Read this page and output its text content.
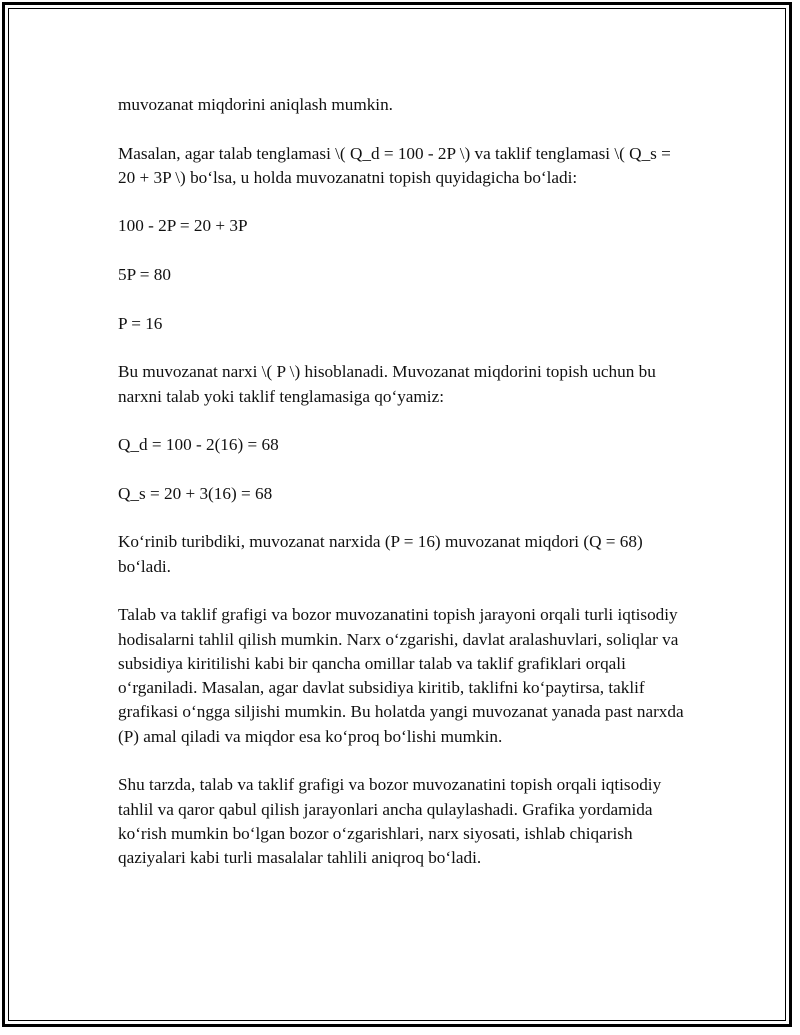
muvozanat miqdorini aniqlash mumkin.

Masalan, agar talab tenglamasi \( Q_d = 100 - 2P \) va taklif tenglamasi \( Q_s = 20 + 3P \) bo‘lsa, u holda muvozanatni topish quyidagicha bo‘ladi:

100 - 2P = 20 + 3P

5P = 80

P = 16

Bu muvozanat narxi \( P \) hisoblanadi. Muvozanat miqdorini topish uchun bu narxni talab yoki taklif tenglamasiga qo‘yamiz:

Q_d = 100 - 2(16) = 68

Q_s = 20 + 3(16) = 68

Ko‘rinib turibdiki, muvozanat narxida (P = 16) muvozanat miqdori (Q = 68) bo‘ladi.

Talab va taklif grafigi va bozor muvozanatini topish jarayoni orqali turli iqtisodiy hodisalarni tahlil qilish mumkin. Narx o‘zgarishi, davlat aralashuvlari, soliqlar va subsidiya kiritilishi kabi bir qancha omillar talab va taklif grafiklari orqali o‘rganiladi. Masalan, agar davlat subsidiya kiritib, taklifni ko‘paytirsa, taklif grafikasi o‘ngga siljishi mumkin. Bu holatda yangi muvozanat yanada past narxda (P) amal qiladi va miqdor esa ko‘proq bo‘lishi mumkin.

Shu tarzda, talab va taklif grafigi va bozor muvozanatini topish orqali iqtisodiy tahlil va qaror qabul qilish jarayonlari ancha qulaylashadi. Grafika yordamida ko‘rish mumkin bo‘lgan bozor o‘zgarishlari, narx siyosati, ishlab chiqarish qaziyalari kabi turli masalalar tahlili aniqroq bo‘ladi.
